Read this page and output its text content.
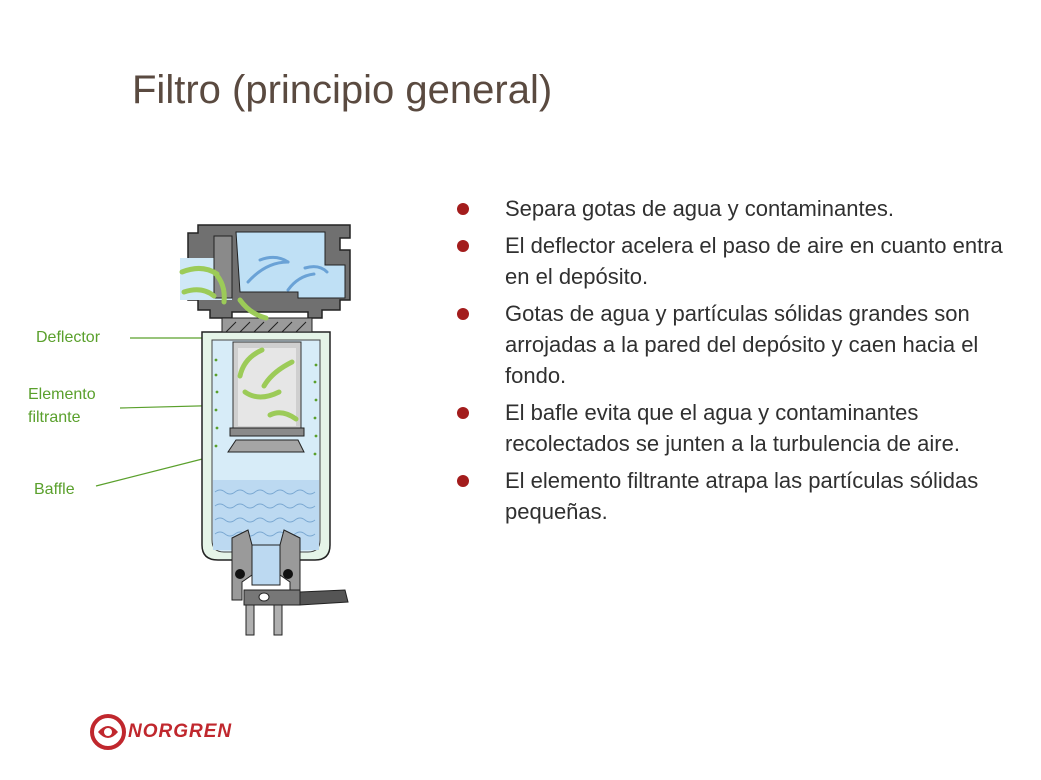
Filtro (principio general)
Separa gotas de agua y contaminantes.
El deflector acelera el paso de aire en cuanto entra en el depósito.
Gotas de agua y partículas sólidas grandes son arrojadas a la pared del depósito y caen hacia el fondo.
El bafle evita que el agua y contaminantes recolectados se junten a la turbulencia de aire.
El elemento filtrante atrapa las partículas sólidas pequeñas.
Deflector
Elemento
filtrante
Baffle
NORGREN
